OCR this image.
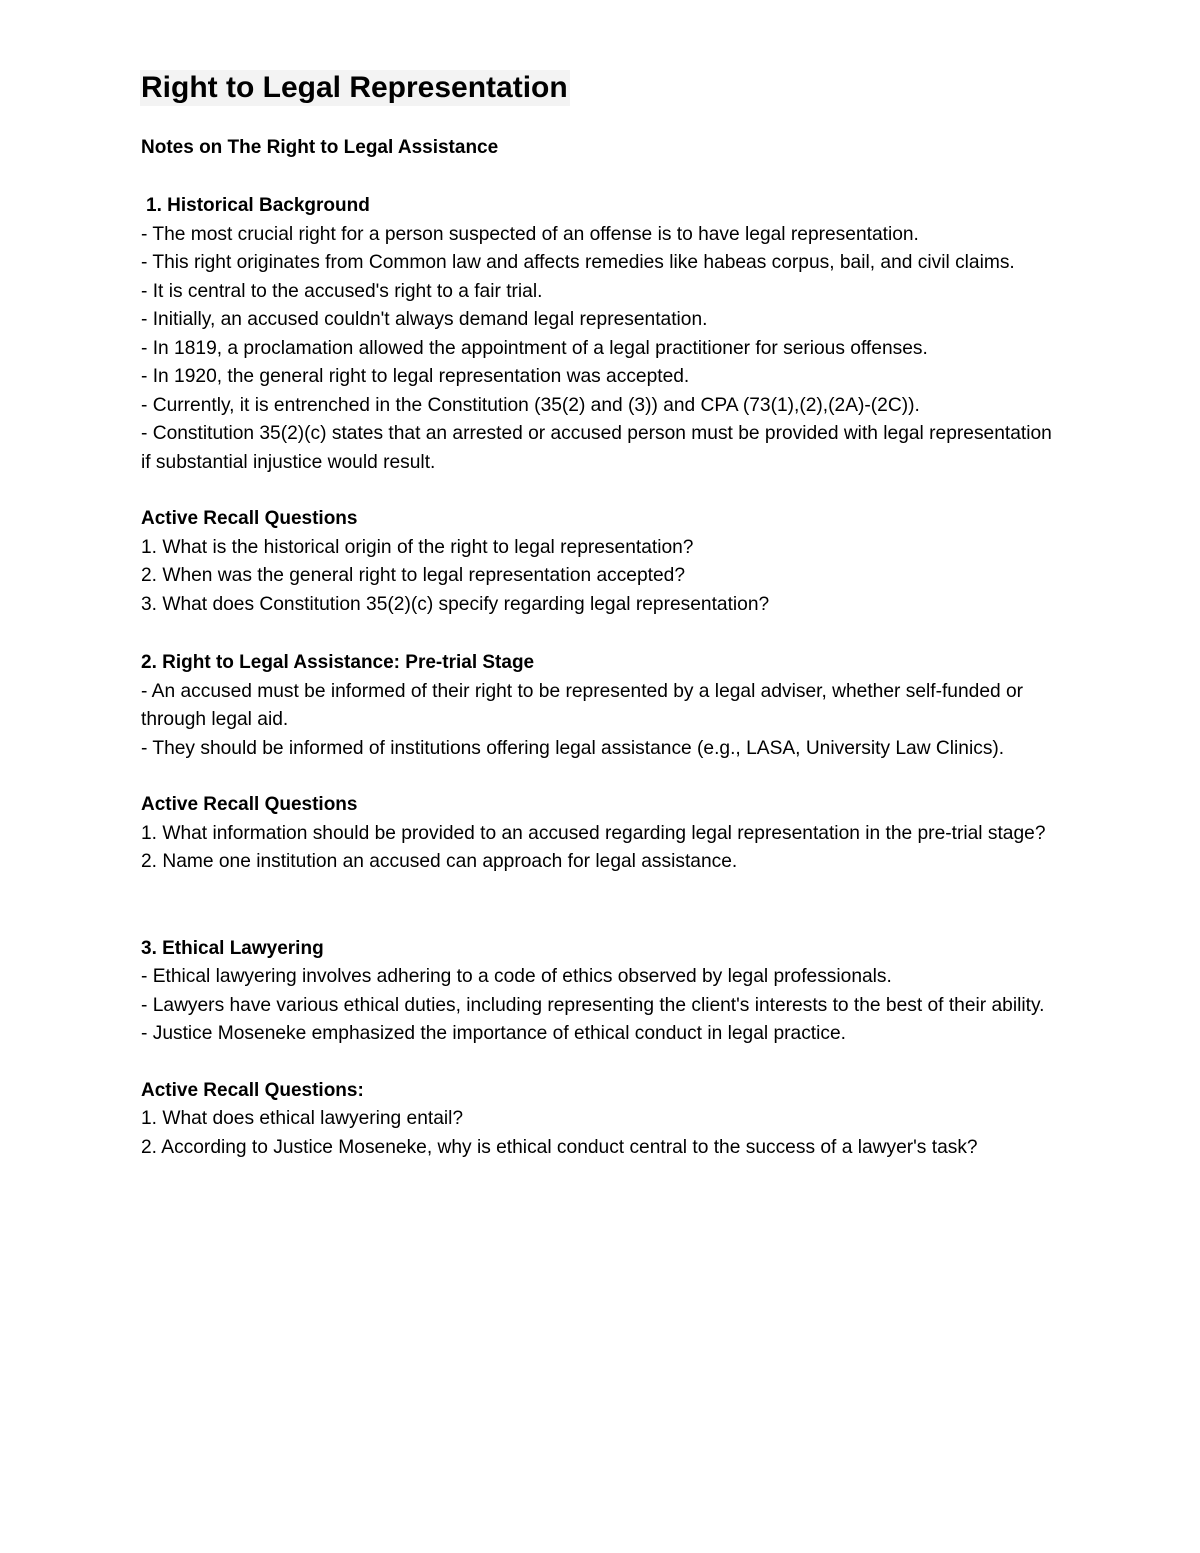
Right to Legal Representation

Notes on The Right to Legal Assistance

1. Historical Background

- The most crucial right for a person suspected of an offense is to have legal representation.

- This right originates from Common law and affects remedies like habeas corpus, bail, and civil claims.

- It is central to the accused's right to a fair trial.

- Initially, an accused couldn't always demand legal representation.

- In 1819, a proclamation allowed the appointment of a legal practitioner for serious offenses.

- In 1920, the general right to legal representation was accepted.

- Currently, it is entrenched in the Constitution (35(2) and (3)) and CPA (73(1),(2),(2A)-(2C)).

- Constitution 35(2)(c) states that an arrested or accused person must be provided with legal representation if substantial injustice would result.

Active Recall Questions

1. What is the historical origin of the right to legal representation?

2. When was the general right to legal representation accepted?

3. What does Constitution 35(2)(c) specify regarding legal representation?

2. Right to Legal Assistance: Pre-trial Stage

- An accused must be informed of their right to be represented by a legal adviser, whether self-funded or through legal aid.

- They should be informed of institutions offering legal assistance (e.g., LASA, University Law Clinics).

Active Recall Questions

1. What information should be provided to an accused regarding legal representation in the pre-trial stage?

2. Name one institution an accused can approach for legal assistance.

3. Ethical Lawyering

- Ethical lawyering involves adhering to a code of ethics observed by legal professionals.

- Lawyers have various ethical duties, including representing the client's interests to the best of their ability.

- Justice Moseneke emphasized the importance of ethical conduct in legal practice.

Active Recall Questions:

1. What does ethical lawyering entail?

2. According to Justice Moseneke, why is ethical conduct central to the success of a lawyer's task?
